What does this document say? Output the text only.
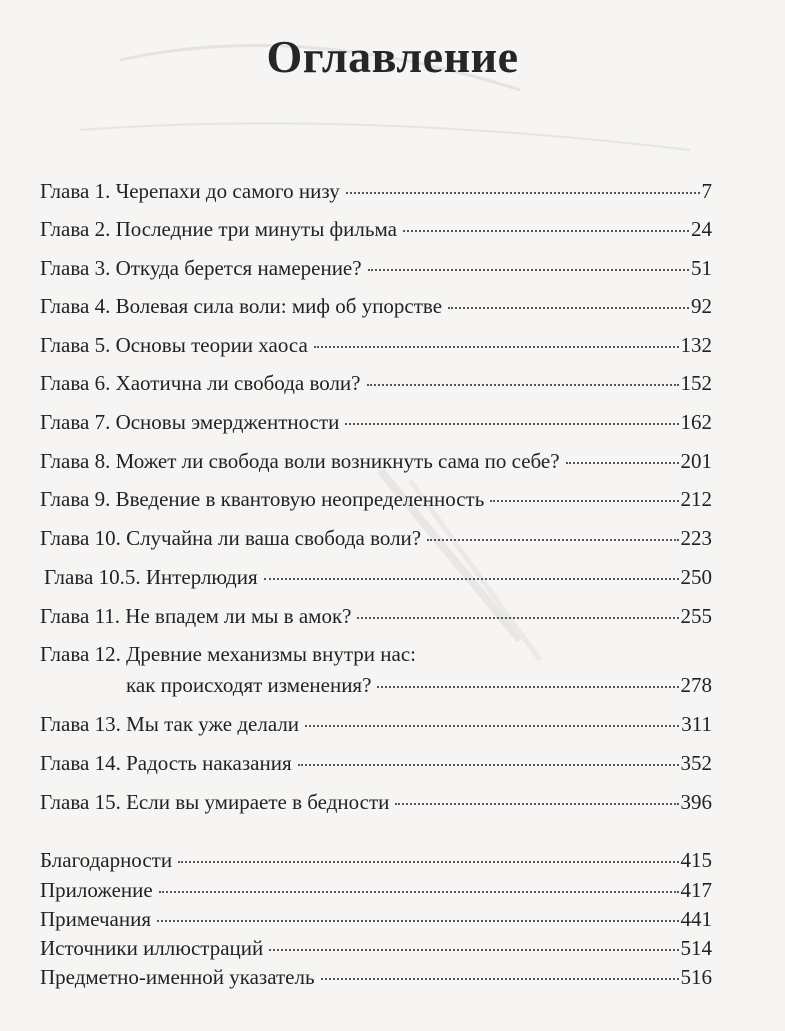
Оглавление
Глава 1. Черепахи до самого низу	7
Глава 2. Последние три минуты фильма	24
Глава 3. Откуда берется намерение?	51
Глава 4. Волевая сила воли: миф об упорстве	92
Глава 5. Основы теории хаоса	132
Глава 6. Хаотична ли свобода воли?	152
Глава 7. Основы эмерджентности	162
Глава 8. Может ли свобода воли возникнуть сама по себе?	201
Глава 9. Введение в квантовую неопределенность	212
Глава 10. Случайна ли ваша свобода воли?	223
Глава 10.5. Интерлюдия	250
Глава 11. Не впадем ли мы в амок?	255
Глава 12. Древние механизмы внутри нас:
как происходят изменения?	278
Глава 13. Мы так уже делали	311
Глава 14. Радость наказания	352
Глава 15. Если вы умираете в бедности	396
Благодарности	415
Приложение	417
Примечания	441
Источники иллюстраций	514
Предметно-именной указатель	516
